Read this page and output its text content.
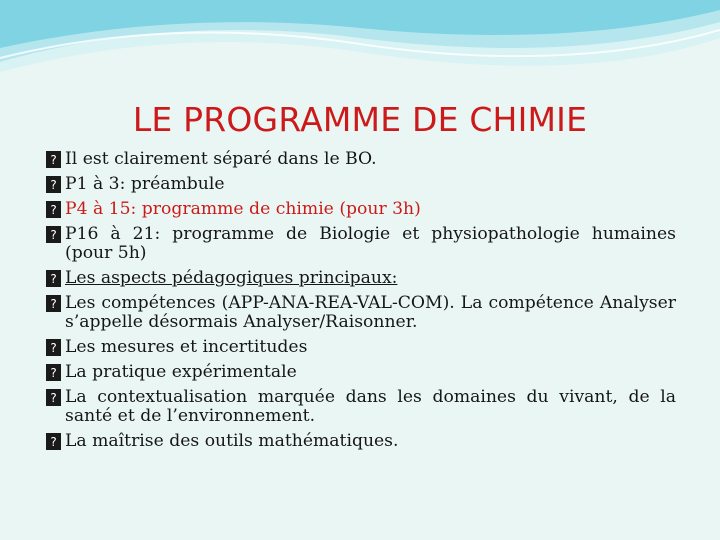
LE PROGRAMME DE CHIMIE
? Il est clairement séparé dans le BO.
? P1 à 3: préambule
? P4 à 15: programme de chimie (pour 3h)
? P16 à 21: programme de Biologie et physiopathologie humaines (pour 5h)
? Les aspects pédagogiques principaux:
? Les compétences (APP-ANA-REA-VAL-COM). La compétence Analyser s’appelle désormais Analyser/Raisonner.
? Les mesures et incertitudes
? La pratique expérimentale
? La contextualisation marquée dans les domaines du vivant, de la santé et de l’environnement.
? La maîtrise des outils mathématiques.
